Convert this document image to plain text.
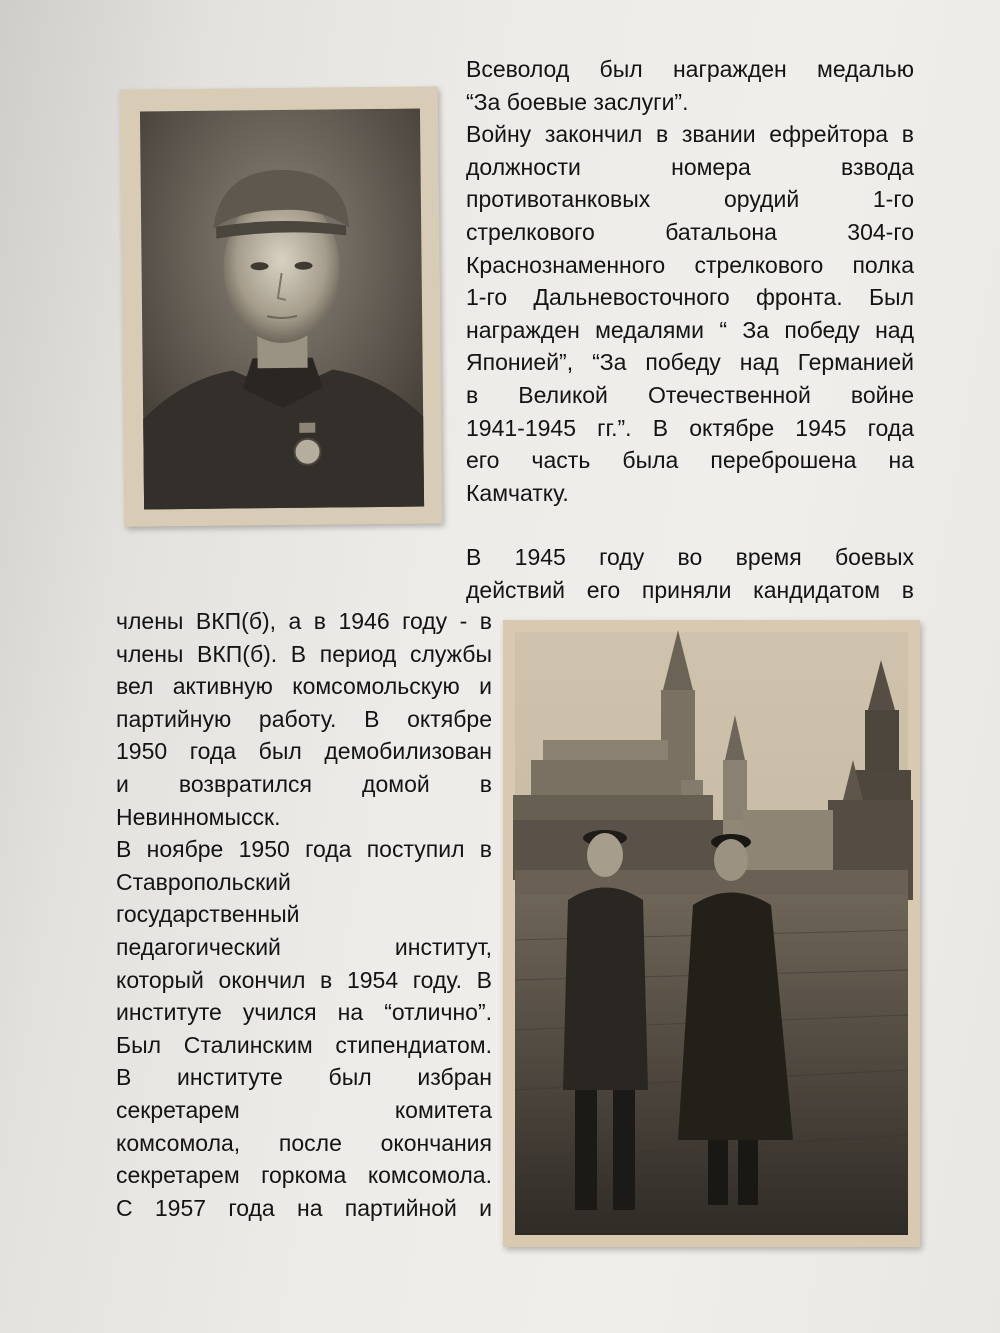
Всеволод был награжден медалью
“За боевые заслуги”.
Войну закончил в звании ефрейтора в
должности номера взвода
противотанковых орудий 1-го
стрелкового батальона 304-го
Краснознаменного стрелкового полка
1-го Дальневосточного фронта. Был
награжден медалями “ За победу над
Японией”, “За победу над Германией
в Великой Отечественной войне
1941-1945 гг.”. В октябре 1945 года
его часть была переброшена на
Камчатку.
В 1945 году во время боевых
действий его приняли кандидатом в
члены ВКП(б), а в 1946 году - в
члены ВКП(б). В период службы
вел активную комсомольскую и
партийную работу. В октябре
1950 года был демобилизован
и возвратился домой в
Невинномысск.
В ноябре 1950 года поступил в
Ставропольский
государственный
педагогический институт,
который окончил в 1954 году. В
институте учился на “отлично”.
Был Сталинским стипендиатом.
В институте был избран
секретарем комитета
комсомола, после окончания
секретарем горкома комсомола.
С 1957 года на партийной и
